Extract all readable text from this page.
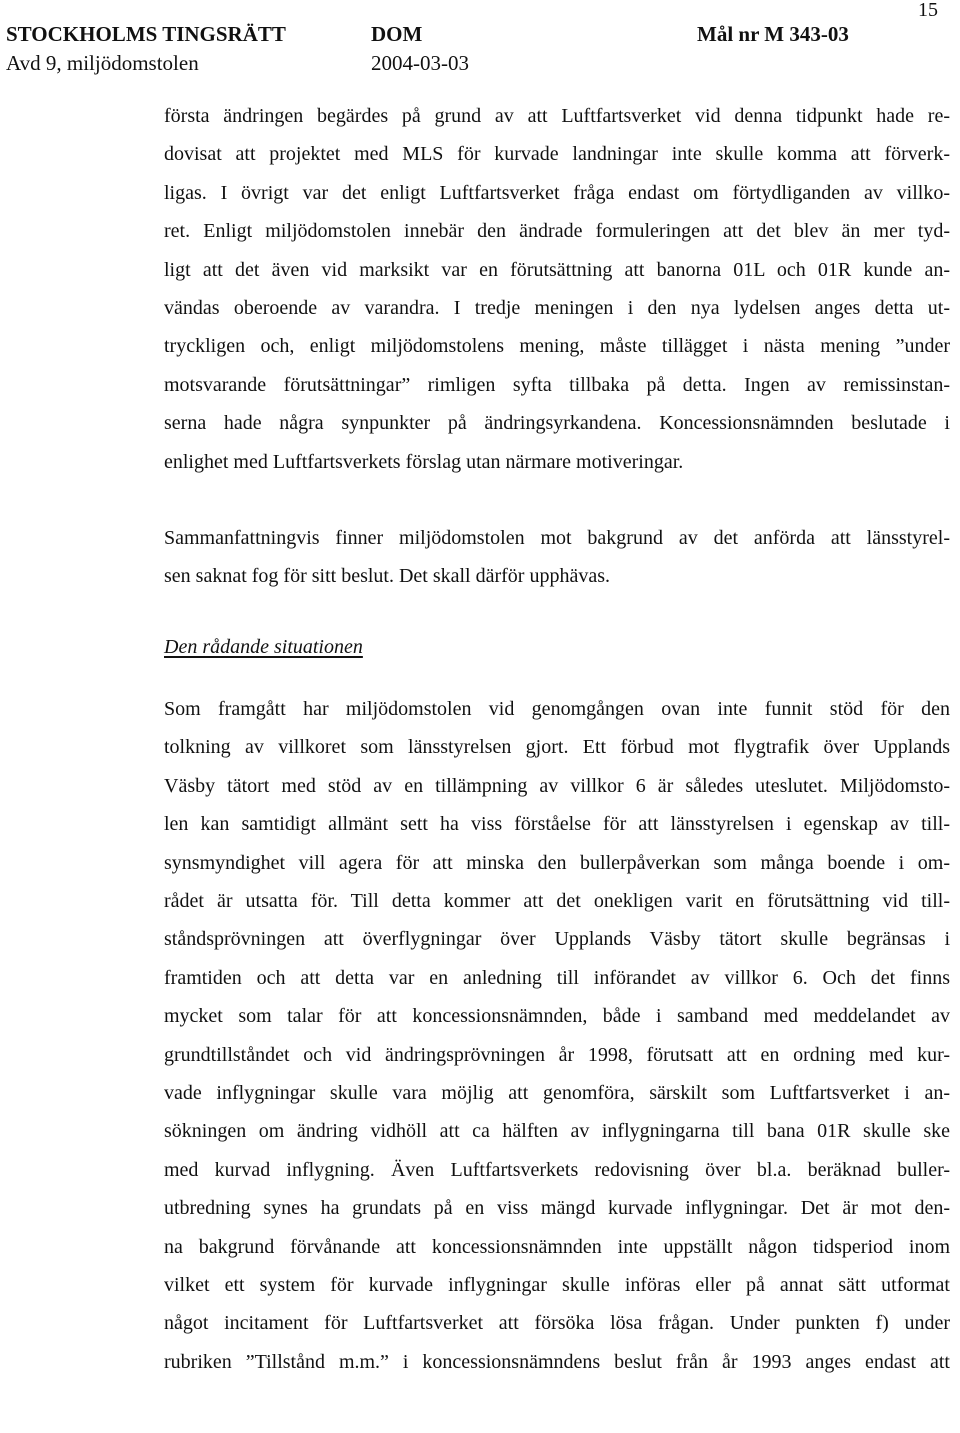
15
STOCKHOLMS TINGSRÄTT	DOM	Mål nr M 343-03
Avd 9, miljödomstolen	2004-03-03

första ändringen begärdes på grund av att Luftfartsverket vid denna tidpunkt hade re-
dovisat att projektet med MLS för kurvade landningar inte skulle komma att förverk-
ligas. I övrigt var det enligt Luftfartsverket fråga endast om förtydliganden av villko-
ret. Enligt miljödomstolen innebär den ändrade formuleringen att det blev än mer tyd-
ligt att det även vid marksikt var en förutsättning att banorna 01L och 01R kunde an-
vändas oberoende av varandra. I tredje meningen i den nya lydelsen anges detta ut-
tryckligen och, enligt miljödomstolens mening, måste tillägget i nästa mening ”under
motsvarande förutsättningar” rimligen syfta tillbaka på detta. Ingen av remissinstan-
serna hade några synpunkter på ändringsyrkandena. Koncessionsnämnden beslutade i
enlighet med Luftfartsverkets förslag utan närmare motiveringar.

Sammanfattningvis finner miljödomstolen mot bakgrund av det anförda att länsstyrel-
sen saknat fog för sitt beslut. Det skall därför upphävas.

Den rådande situationen

Som framgått har miljödomstolen vid genomgången ovan inte funnit stöd för den
tolkning av villkoret som länsstyrelsen gjort. Ett förbud mot flygtrafik över Upplands
Väsby tätort med stöd av en tillämpning av villkor 6 är således uteslutet. Miljödomsto-
len kan samtidigt allmänt sett ha viss förståelse för att länsstyrelsen i egenskap av till-
synsmyndighet vill agera för att minska den bullerpåverkan som många boende i om-
rådet är utsatta för. Till detta kommer att det onekligen varit en förutsättning vid till-
ståndsprövningen att överflygningar över Upplands Väsby tätort skulle begränsas i
framtiden och att detta var en anledning till införandet av villkor 6. Och det finns
mycket som talar för att koncessionsnämnden, både i samband med meddelandet av
grundtillståndet och vid ändringsprövningen år 1998, förutsatt att en ordning med kur-
vade inflygningar skulle vara möjlig att genomföra, särskilt som Luftfartsverket i an-
sökningen om ändring vidhöll att ca hälften av inflygningarna till bana 01R skulle ske
med kurvad inflygning. Även Luftfartsverkets redovisning över bl.a. beräknad buller-
utbredning synes ha grundats på en viss mängd kurvade inflygningar. Det är mot den-
na bakgrund förvånande att koncessionsnämnden inte uppställt någon tidsperiod inom
vilket ett system för kurvade inflygningar skulle införas eller på annat sätt utformat
något incitament för Luftfartsverket att försöka lösa frågan. Under punkten f) under
rubriken ”Tillstånd m.m.” i koncessionsnämndens beslut från år 1993 anges endast att
